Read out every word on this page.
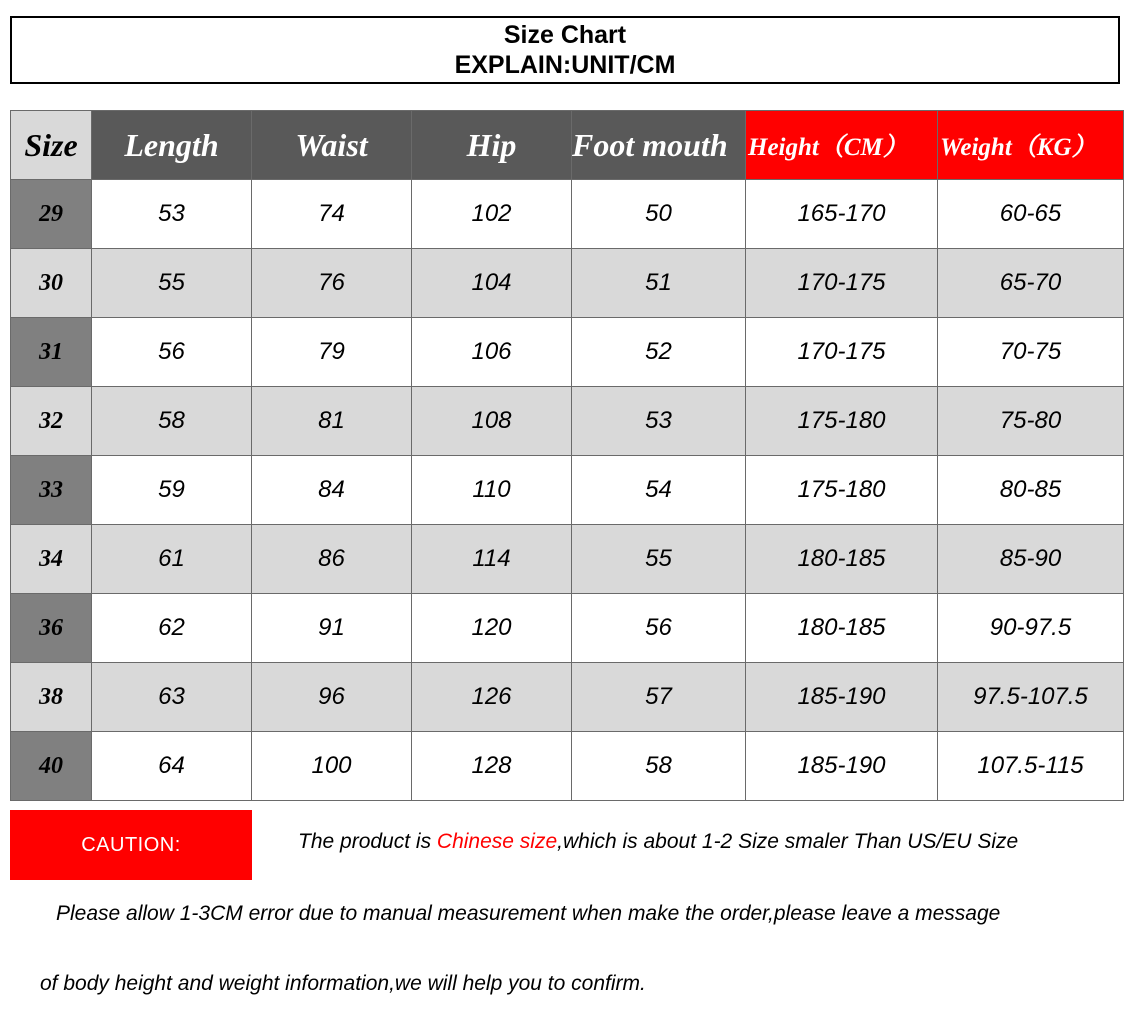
Size Chart
EXPLAIN:UNIT/CM
Size	Length	Waist	Hip	Foot mouth	Height（CM）	Weight（KG）
29	53	74	102	50	165-170	60-65
30	55	76	104	51	170-175	65-70
31	56	79	106	52	170-175	70-75
32	58	81	108	53	175-180	75-80
33	59	84	110	54	175-180	80-85
34	61	86	114	55	180-185	85-90
36	62	91	120	56	180-185	90-97.5
38	63	96	126	57	185-190	97.5-107.5
40	64	100	128	58	185-190	107.5-115
CAUTION:	The product is Chinese size,which is about 1-2 Size smaler Than US/EU Size
Please allow 1-3CM error due to manual measurement when make the order,please leave a message
of body height and weight information,we will help you to confirm.
